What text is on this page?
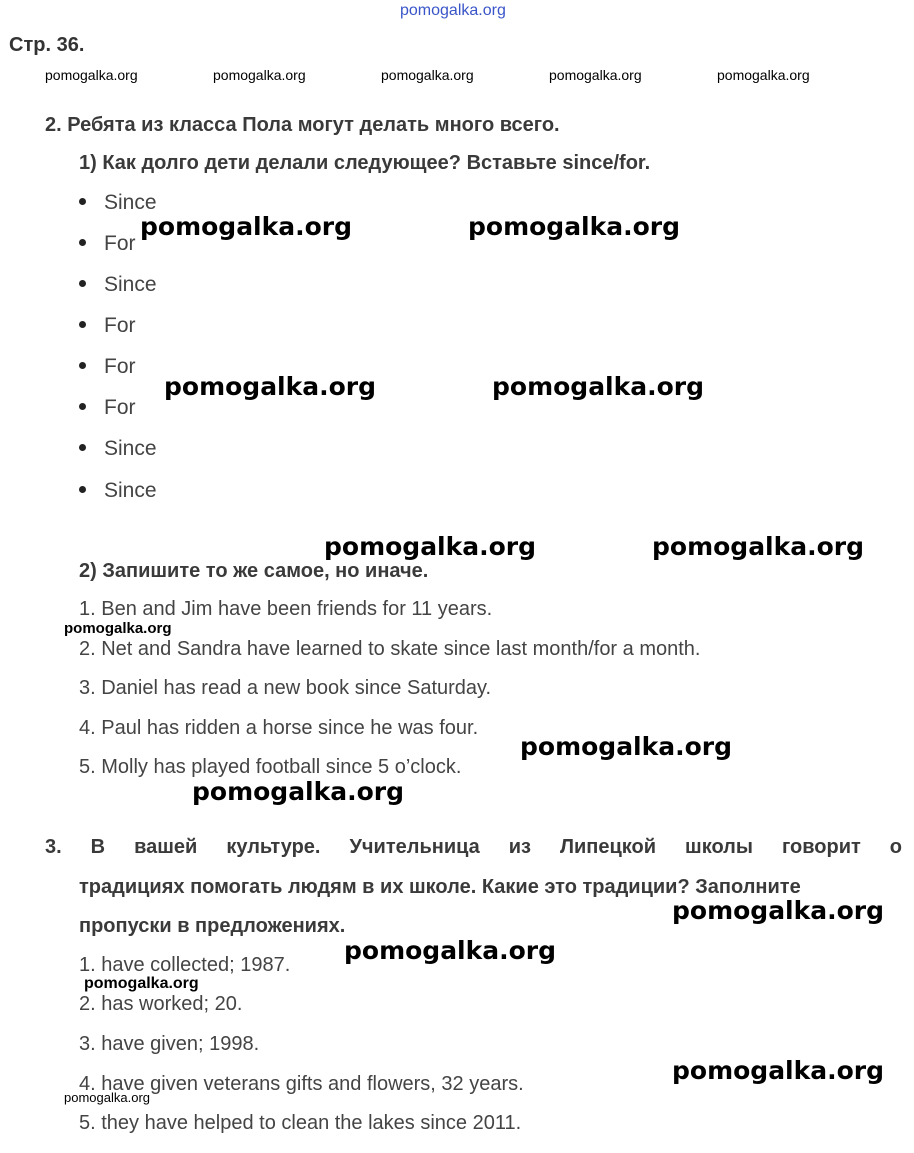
pomogalka.org
Стр. 36.
pomogalka.org	pomogalka.org	pomogalka.org	pomogalka.org	pomogalka.org
2. Ребята из класса Пола могут делать много всего.
1) Как долго дети делали следующее? Вставьте since/for.
Since
For
Since
For
For
For
Since
Since
2) Запишите то же самое, но иначе.
1. Ben and Jim have been friends for 11 years.
2. Net and Sandra have learned to skate since last month/for a month.
3. Daniel has read a new book since Saturday.
4. Paul has ridden a horse since he was four.
5. Molly has played football since 5 o’clock.
3. В вашей культуре. Учительница из Липецкой школы говорит о
традициях помогать людям в их школе. Какие это традиции? Заполните
пропуски в предложениях.
1. have collected; 1987.
2. has worked; 20.
3. have given; 1998.
4. have given veterans gifts and flowers, 32 years.
5. they have helped to clean the lakes since 2011.
pomogalka.org	pomogalka.org
pomogalka.org	pomogalka.org
pomogalka.org	pomogalka.org
pomogalka.org
pomogalka.org
pomogalka.org
pomogalka.org
pomogalka.org
pomogalka.org
pomogalka.org
pomogalka.org
